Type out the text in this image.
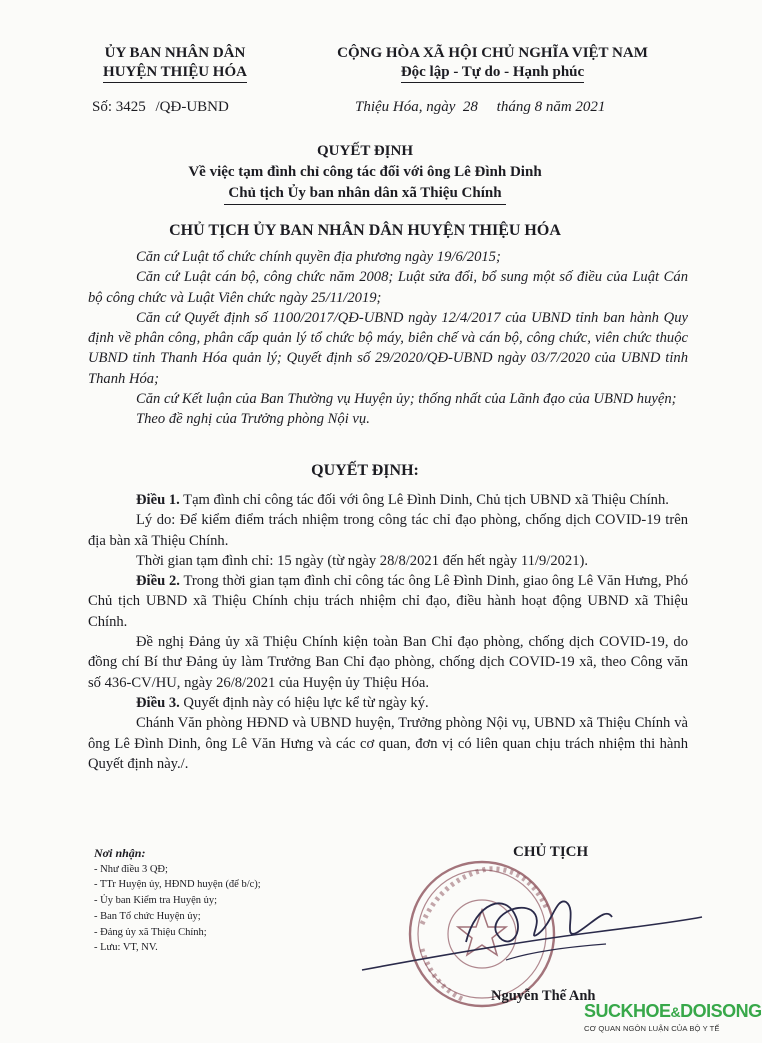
ỦY BAN NHÂN DÂN
HUYỆN THIỆU HÓA
CỘNG HÒA XÃ HỘI CHỦ NGHĨA VIỆT NAM
Độc lập - Tự do - Hạnh phúc
Số: 3425 /QĐ-UBND	Thiệu Hóa, ngày  28     tháng 8 năm 2021
QUYẾT ĐỊNH
Về việc tạm đình chỉ công tác đối với ông Lê Đình Dinh
Chủ tịch Ủy ban nhân dân xã Thiệu Chính
CHỦ TỊCH ỦY BAN NHÂN DÂN HUYỆN THIỆU HÓA

Căn cứ Luật tổ chức chính quyền địa phương ngày 19/6/2015;

Căn cứ Luật cán bộ, công chức năm 2008; Luật sửa đổi, bổ sung một số điều của Luật Cán bộ công chức và Luật Viên chức ngày 25/11/2019;

Căn cứ Quyết định số 1100/2017/QĐ-UBND ngày 12/4/2017 của UBND tỉnh ban hành Quy định về phân công, phân cấp quản lý tổ chức bộ máy, biên chế và cán bộ, công chức, viên chức thuộc UBND tỉnh Thanh Hóa quản lý; Quyết định số 29/2020/QĐ-UBND ngày 03/7/2020 của UBND tỉnh Thanh Hóa;

Căn cứ Kết luận của Ban Thường vụ Huyện ủy; thống nhất của Lãnh đạo của UBND huyện;

Theo đề nghị của Trưởng phòng Nội vụ.

QUYẾT ĐỊNH:

Điều 1. Tạm đình chỉ công tác đối với ông Lê Đình Dinh, Chủ tịch UBND xã Thiệu Chính.

Lý do: Để kiểm điểm trách nhiệm trong công tác chỉ đạo phòng, chống dịch COVID-19 trên địa bàn xã Thiệu Chính.

Thời gian tạm đình chỉ: 15 ngày (từ ngày 28/8/2021 đến hết ngày 11/9/2021).

Điều 2. Trong thời gian tạm đình chỉ công tác ông Lê Đình Dinh, giao ông Lê Văn Hưng, Phó Chủ tịch UBND xã Thiệu Chính chịu trách nhiệm chỉ đạo, điều hành hoạt động UBND xã Thiệu Chính.

Đề nghị Đảng ủy xã Thiệu Chính kiện toàn Ban Chỉ đạo phòng, chống dịch COVID-19, do đồng chí Bí thư Đảng ủy làm Trưởng Ban Chỉ đạo phòng, chống dịch COVID-19 xã, theo Công văn số 436-CV/HU, ngày 26/8/2021 của Huyện ủy Thiệu Hóa.

Điều 3. Quyết định này có hiệu lực kể từ ngày ký.

Chánh Văn phòng HĐND và UBND huyện, Trưởng phòng Nội vụ, UBND xã Thiệu Chính và ông Lê Đình Dinh, ông Lê Văn Hưng và các cơ quan, đơn vị có liên quan chịu trách nhiệm thi hành Quyết định này./.

Nơi nhận:
- Như điều 3 QĐ;
- TTr Huyện ủy, HĐND huyện (để b/c);
- Ủy ban Kiểm tra Huyện ủy;
- Ban Tổ chức Huyện ủy;
- Đảng ủy xã Thiệu Chính;
- Lưu: VT, NV.
CHỦ TỊCH
Nguyễn Thế Anh
SUCKHOE&DOISONG
CƠ QUAN NGÔN LUẬN CỦA BỘ Y TẾ
